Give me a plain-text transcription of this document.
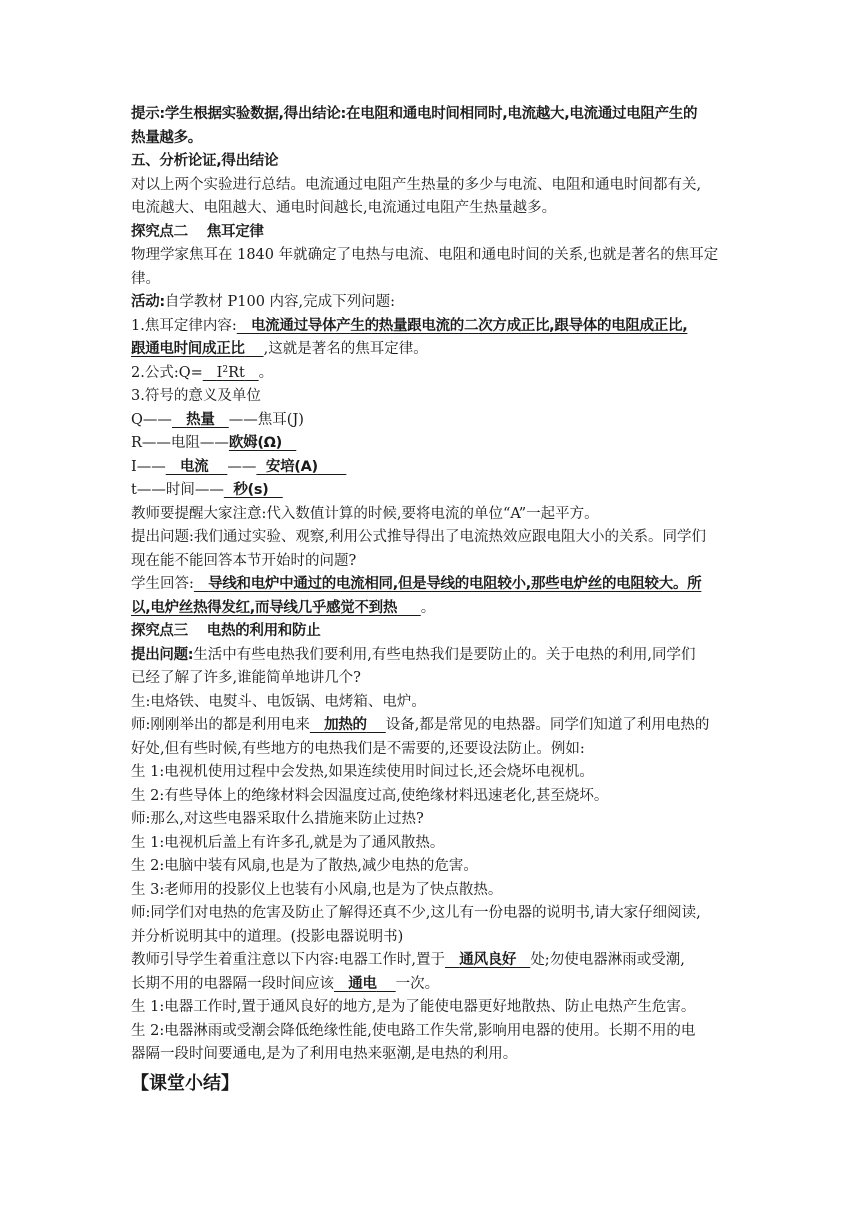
提示:学生根据实验数据,得出结论:在电阻和通电时间相同时,电流越大,电流通过电阻产生的
热量越多。
五、分析论证,得出结论
对以上两个实验进行总结。电流通过电阻产生热量的多少与电流、电阻和通电时间都有关,
电流越大、电阻越大、通电时间越长,电流通过电阻产生热量越多。
探究点二    焦耳定律
物理学家焦耳在 1840 年就确定了电热与电流、电阻和通电时间的关系,也就是著名的焦耳定
律。
活动:自学教材 P100 内容,完成下列问题:
1.焦耳定律内容: 电流通过导体产生的热量跟电流的二次方成正比,跟导体的电阻成正比,
跟通电时间成正比 ,这就是著名的焦耳定律。
2.公式:Q= $I^2Rt$ 。
3.符号的意义及单位
Q—— 热量 ——焦耳(J)
R——电阻——欧姆(Ω)
I—— 电流 —— 安培(A)
t——时间—— 秒(s)
教师要提醒大家注意:代入数值计算的时候,要将电流的单位“A”一起平方。
提出问题:我们通过实验、观察,利用公式推导得出了电流热效应跟电阻大小的关系。同学们
现在能不能回答本节开始时的问题?
学生回答: 导线和电炉中通过的电流相同,但是导线的电阻较小,那些电炉丝的电阻较大。所
以,电炉丝热得发红,而导线几乎感觉不到热 。
探究点三    电热的利用和防止
提出问题:生活中有些电热我们要利用,有些电热我们是要防止的。关于电热的利用,同学们
已经了解了许多,谁能简单地讲几个?
生:电烙铁、电熨斗、电饭锅、电烤箱、电炉。
师:刚刚举出的都是利用电来 加热的 设备,都是常见的电热器。同学们知道了利用电热的
好处,但有些时候,有些地方的电热我们是不需要的,还要设法防止。例如:
生 1:电视机使用过程中会发热,如果连续使用时间过长,还会烧坏电视机。
生 2:有些导体上的绝缘材料会因温度过高,使绝缘材料迅速老化,甚至烧坏。
师:那么,对这些电器采取什么措施来防止过热?
生 1:电视机后盖上有许多孔,就是为了通风散热。
生 2:电脑中装有风扇,也是为了散热,减少电热的危害。
生 3:老师用的投影仪上也装有小风扇,也是为了快点散热。
师:同学们对电热的危害及防止了解得还真不少,这儿有一份电器的说明书,请大家仔细阅读,
并分析说明其中的道理。(投影电器说明书)
教师引导学生着重注意以下内容:电器工作时,置于 通风良好 处;勿使电器淋雨或受潮,
长期不用的电器隔一段时间应该 通电 一次。
生 1:电器工作时,置于通风良好的地方,是为了能使电器更好地散热、防止电热产生危害。
生 2:电器淋雨或受潮会降低绝缘性能,使电路工作失常,影响用电器的使用。长期不用的电
器隔一段时间要通电,是为了利用电热来驱潮,是电热的利用。
【课堂小结】
